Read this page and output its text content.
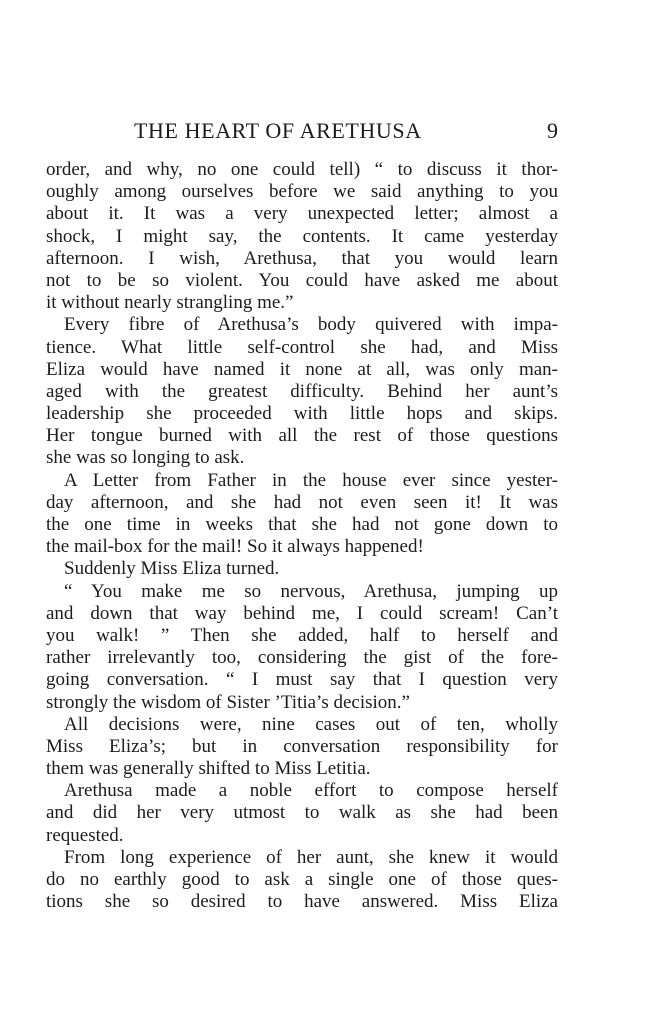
THE HEART OF ARETHUSA	9
order, and why, no one could tell) “ to discuss it thor-
oughly among ourselves before we said anything to you
about it. It was a very unexpected letter; almost a
shock, I might say, the contents. It came yesterday
afternoon. I wish, Arethusa, that you would learn
not to be so violent. You could have asked me about
it without nearly strangling me.”
Every fibre of Arethusa’s body quivered with impa-
tience. What little self-control she had, and Miss
Eliza would have named it none at all, was only man-
aged with the greatest difficulty. Behind her aunt’s
leadership she proceeded with little hops and skips.
Her tongue burned with all the rest of those questions
she was so longing to ask.
A Letter from Father in the house ever since yester-
day afternoon, and she had not even seen it! It was
the one time in weeks that she had not gone down to
the mail-box for the mail! So it always happened!
Suddenly Miss Eliza turned.
“ You make me so nervous, Arethusa, jumping up
and down that way behind me, I could scream! Can’t
you walk! ” Then she added, half to herself and
rather irrelevantly too, considering the gist of the fore-
going conversation. “ I must say that I question very
strongly the wisdom of Sister ’Titia’s decision.”
All decisions were, nine cases out of ten, wholly
Miss Eliza’s; but in conversation responsibility for
them was generally shifted to Miss Letitia.
Arethusa made a noble effort to compose herself
and did her very utmost to walk as she had been
requested.
From long experience of her aunt, she knew it would
do no earthly good to ask a single one of those ques-
tions she so desired to have answered. Miss Eliza
